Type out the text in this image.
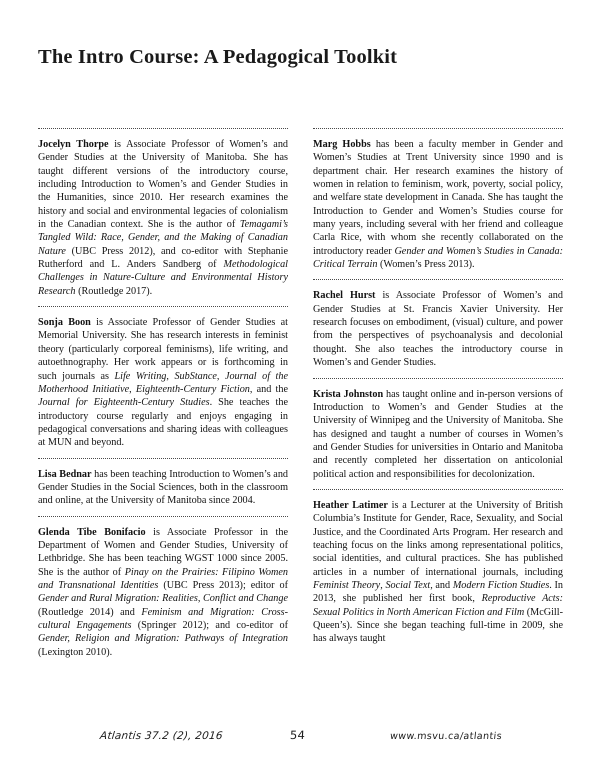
The Intro Course: A Pedagogical Toolkit

Jocelyn Thorpe is Associate Professor of Women’s and Gender Studies at the University of Manitoba. She has taught different versions of the introductory course, including Introduction to Women’s and Gender Studies in the Humanities, since 2010. Her research examines the history and social and environmental legacies of colonialism in the Canadian context. She is the author of Temagami’s Tangled Wild: Race, Gender, and the Making of Canadian Nature (UBC Press 2012), and co-editor with Stephanie Rutherford and L. Anders Sandberg of Methodological Challenges in Nature-Culture and Environmental History Research (Routledge 2017).

Sonja Boon is Associate Professor of Gender Studies at Memorial University. She has research interests in feminist theory (particularly corporeal feminisms), life writing, and autoethnography. Her work appears or is forthcoming in such journals as Life Writing, SubStance, Journal of the Motherhood Initiative, Eighteenth-Century Fiction, and the Journal for Eighteenth-Century Studies. She teaches the introductory course regularly and enjoys engaging in pedagogical conversations and sharing ideas with colleagues at MUN and beyond.

Lisa Bednar has been teaching Introduction to Women’s and Gender Studies in the Social Sciences, both in the classroom and online, at the University of Manitoba since 2004.

Glenda Tibe Bonifacio is Associate Professor in the Department of Women and Gender Studies, University of Lethbridge. She has been teaching WGST 1000 since 2005. She is the author of Pinay on the Prairies: Filipino Women and Transnational Identities (UBC Press 2013); editor of Gender and Rural Migration: Realities, Conflict and Change (Routledge 2014) and Feminism and Migration: Cross-cultural Engagements (Springer 2012); and co-editor of Gender, Religion and Migration: Pathways of Integration (Lexington 2010).

Marg Hobbs has been a faculty member in Gender and Women’s Studies at Trent University since 1990 and is department chair. Her research examines the history of women in relation to feminism, work, poverty, social policy, and welfare state development in Canada. She has taught the Introduction to Gender and Women’s Studies course for many years, including several with her friend and colleague Carla Rice, with whom she recently collaborated on the introductory reader Gender and Women’s Studies in Canada: Critical Terrain (Women’s Press 2013).

Rachel Hurst is Associate Professor of Women’s and Gender Studies at St. Francis Xavier University. Her research focuses on embodiment, (visual) culture, and power from the perspectives of psychoanalysis and decolonial thought. She also teaches the introductory course in Women’s and Gender Studies.

Krista Johnston has taught online and in-person versions of Introduction to Women’s and Gender Studies at the University of Winnipeg and the University of Manitoba. She has designed and taught a number of courses in Women’s and Gender Studies for universities in Ontario and Manitoba and recently completed her dissertation on anticolonial political action and responsibilities for decolonization.

Heather Latimer is a Lecturer at the University of British Columbia’s Institute for Gender, Race, Sexuality, and Social Justice, and the Coordinated Arts Program. Her research and teaching focus on the links among representational politics, social identities, and cultural practices. She has published articles in a number of international journals, including Feminist Theory, Social Text, and Modern Fiction Studies. In 2013, she published her first book, Reproductive Acts: Sexual Politics in North American Fiction and Film (McGill-Queen’s). Since she began teaching full-time in 2009, she has always taught

Atlantis 37.2 (2), 2016	54	www.msvu.ca/atlantis
